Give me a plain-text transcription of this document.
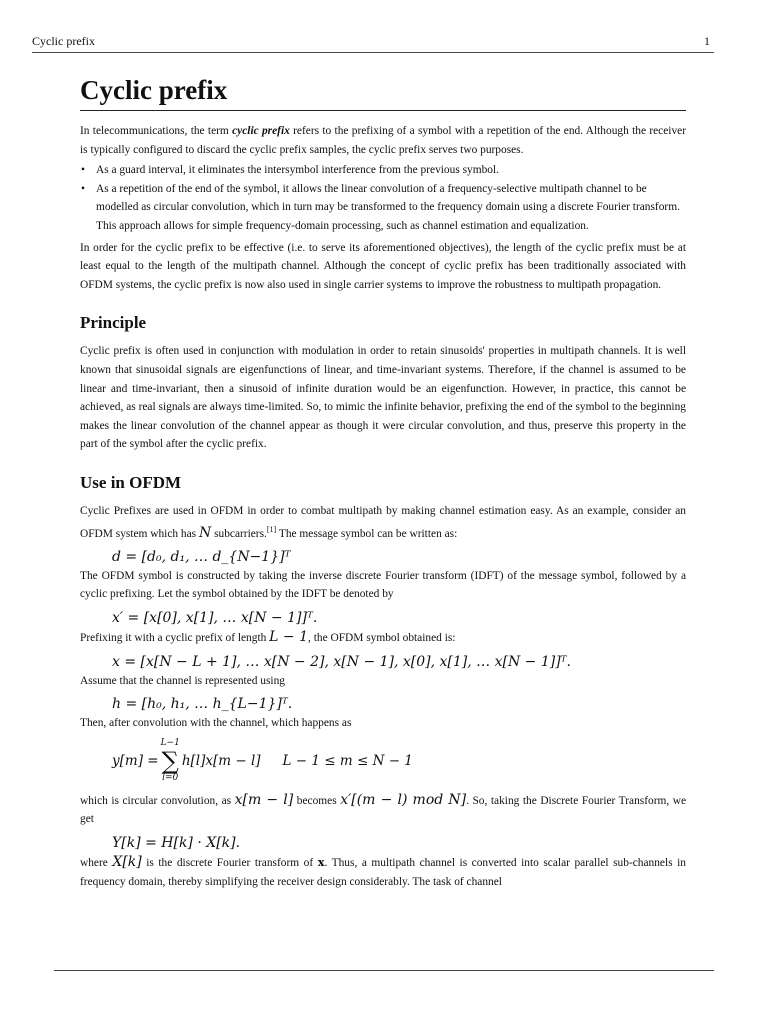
Cyclic prefix	1
Cyclic prefix

In telecommunications, the term cyclic prefix refers to the prefixing of a symbol with a repetition of the end. Although the receiver is typically configured to discard the cyclic prefix samples, the cyclic prefix serves two purposes.

• As a guard interval, it eliminates the intersymbol interference from the previous symbol.
• As a repetition of the end of the symbol, it allows the linear convolution of a frequency-selective multipath channel to be modelled as circular convolution, which in turn may be transformed to the frequency domain using a discrete Fourier transform. This approach allows for simple frequency-domain processing, such as channel estimation and equalization.

In order for the cyclic prefix to be effective (i.e. to serve its aforementioned objectives), the length of the cyclic prefix must be at least equal to the length of the multipath channel. Although the concept of cyclic prefix has been traditionally associated with OFDM systems, the cyclic prefix is now also used in single carrier systems to improve the robustness to multipath propagation.

Principle

Cyclic prefix is often used in conjunction with modulation in order to retain sinusoids' properties in multipath channels. It is well known that sinusoidal signals are eigenfunctions of linear, and time-invariant systems. Therefore, if the channel is assumed to be linear and time-invariant, then a sinusoid of infinite duration would be an eigenfunction. However, in practice, this cannot be achieved, as real signals are always time-limited. So, to mimic the infinite behavior, prefixing the end of the symbol to the beginning makes the linear convolution of the channel appear as though it were circular convolution, and thus, preserve this property in the part of the symbol after the cyclic prefix.

Use in OFDM

Cyclic Prefixes are used in OFDM in order to combat multipath by making channel estimation easy. As an example, consider an OFDM system which has N subcarriers.[1] The message symbol can be written as:

d = [d₀, d₁, … d_{N−1}]ᵀ

The OFDM symbol is constructed by taking the inverse discrete Fourier transform (IDFT) of the message symbol, followed by a cyclic prefixing. Let the symbol obtained by the IDFT be denoted by

x′ = [x[0], x[1], … x[N − 1]]ᵀ.

Prefixing it with a cyclic prefix of length L − 1, the OFDM symbol obtained is:

x = [x[N − L + 1], … x[N − 2], x[N − 1], x[0], x[1], … x[N − 1]]ᵀ.

Assume that the channel is represented using

h = [h₀, h₁, … h_{L−1}]ᵀ.

Then, after convolution with the channel, which happens as

y[m] =
L−1
∑
l=0
h[l]x[m − l] L − 1 ≤ m ≤ N − 1

which is circular convolution, as x[m − l] becomes x′[(m − l) mod N]. So, taking the Discrete Fourier Transform, we get

Y[k] = H[k] · X[k].

where X[k] is the discrete Fourier transform of x. Thus, a multipath channel is converted into scalar parallel sub-channels in frequency domain, thereby simplifying the receiver design considerably. The task of channel
